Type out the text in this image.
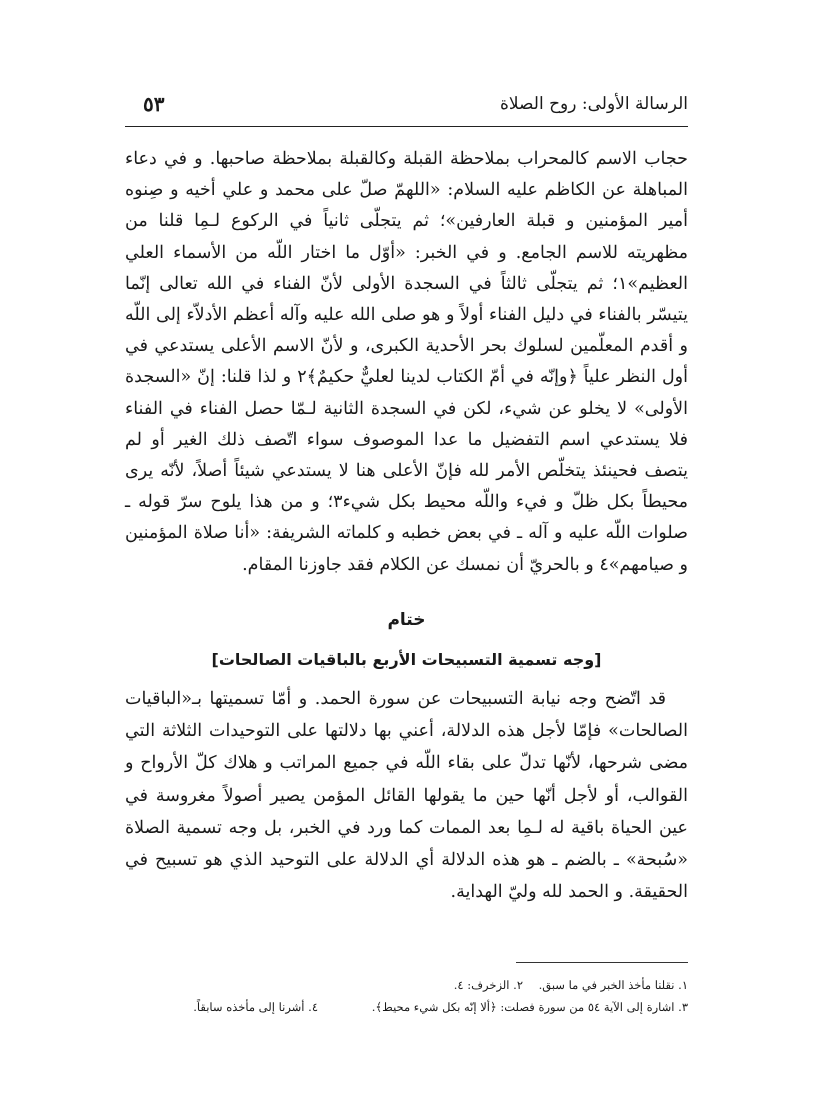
الرسالة الأولى: روح الصلاة
٥٣

حجاب الاسم كالمحراب بملاحظة القبلة وكالقبلة بملاحظة صاحبها. و في دعاء المباهلة عن الكاظم عليه السلام: «اللهمّ صلّ على محمد و علي أخيه و صِنوه أمير المؤمنين و قبلة العارفين»؛ ثم يتجلّى ثانياً في الركوع لـمِا قلنا من مظهريته للاسم الجامع. و في الخبر: «أوّل ما اختار اللّه من الأسماء العلي العظيم»١؛ ثم يتجلّى ثالثاً في السجدة الأولى لأنّ الفناء في الله تعالى إنّما يتيسّر بالفناء في دليل الفناء أولاً و هو صلى الله عليه وآله أعظم الأدلاّء إلى اللّه و أقدم المعلّمين لسلوك بحر الأحدية الكبرى، و لأنّ الاسم الأعلى يستدعي في أول النظر علياً ﴿وإنّه في أمّ الكتاب لدينا لعليٌّ حكيمٌ﴾٢ و لذا قلنا: إنّ «السجدة الأولى» لا يخلو عن شيء، لكن في السجدة الثانية لـمّا حصل الفناء في الفناء فلا يستدعي اسم التفضيل ما عدا الموصوف سواء اتّصف ذلك الغير أو لم يتصف فحينئذ يتخلّص الأمر لله فإنّ الأعلى هنا لا يستدعي شيئاً أصلاً، لأنّه يرى محيطاً بكل ظلّ و فيء واللّه محيط بكل شيء٣؛ و من هذا يلوح سرّ قوله ـ صلوات اللّه عليه و آله ـ في بعض خطبه و كلماته الشريفة: «أنا صلاة المؤمنين و صيامهم»٤ و بالحريّ أن نمسك عن الكلام فقد جاوزنا المقام.

ختام
[وجه تسمية التسبيحات الأربع بالباقيات الصالحات]

قد اتّضح وجه نيابة التسبيحات عن سورة الحمد. و أمّا تسميتها بـ«الباقيات الصالحات» فإمّا لأجل هذه الدلالة، أعني بها دلالتها على التوحيدات الثلاثة التي مضى شرحها، لأنّها تدلّ على بقاء اللّه في جميع المراتب و هلاك كلّ الأرواح و القوالب، أو لأجل أنّها حين ما يقولها القائل المؤمن يصير أصولاً مغروسة في عين الحياة باقية له لـمِا بعد الممات كما ورد في الخبر، بل وجه تسمية الصلاة «سُبحة» ـ بالضم ـ هو هذه الدلالة أي الدلالة على التوحيد الذي هو تسبيح في الحقيقة. و الحمد لله وليّ الهداية.

١. نقلنا مأخذ الخبر في ما سبق.
٢. الزخرف: ٤.
٣. اشارة إلى الآية ٥٤ من سورة فصلت: ﴿ألا إنّه بكل شيء محيط﴾.
٤. أشرنا إلى مأخذه سابقاً.
